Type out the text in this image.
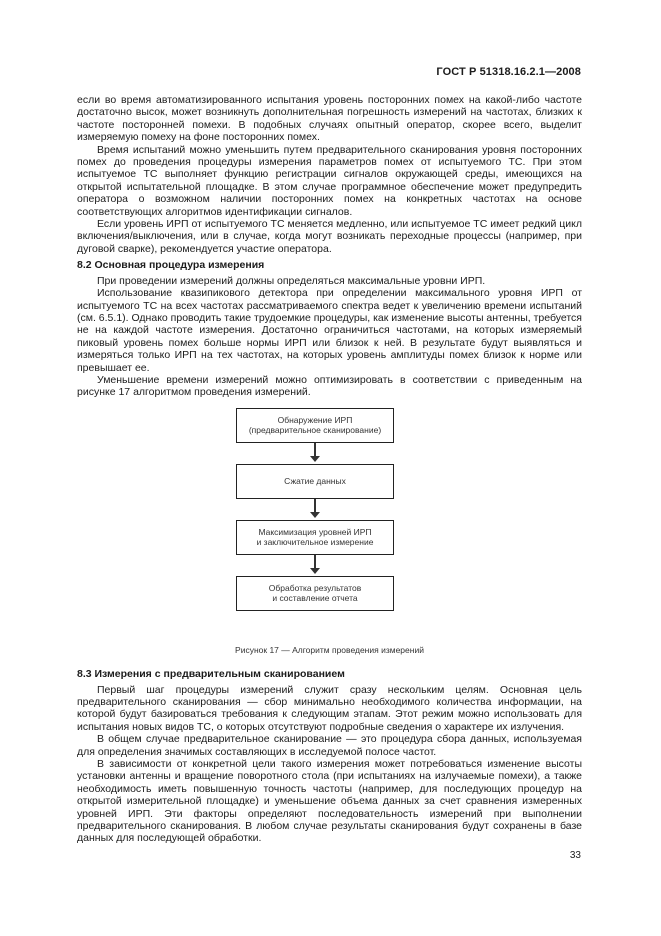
ГОСТ Р 51318.16.2.1—2008

если во время автоматизированного испытания уровень посторонних помех на какой-либо частоте достаточно высок, может возникнуть дополнительная погрешность измерений на частотах, близких к частоте посторонней помехи. В подобных случаях опытный оператор, скорее всего, выделит измеряемую помеху на фоне посторонних помех.

Время испытаний можно уменьшить путем предварительного сканирования уровня посторонних помех до проведения процедуры измерения параметров помех от испытуемого ТС. При этом испытуемое ТС выполняет функцию регистрации сигналов окружающей среды, имеющихся на открытой испытательной площадке. В этом случае программное обеспечение может предупредить оператора о возможном наличии посторонних помех на конкретных частотах на основе соответствующих алгоритмов идентификации сигналов.

Если уровень ИРП от испытуемого ТС меняется медленно, или испытуемое ТС имеет редкий цикл включения/выключения, или в случае, когда могут возникать переходные процессы (например, при дуговой сварке), рекомендуется участие оператора.

8.2 Основная процедура измерения

При проведении измерений должны определяться максимальные уровни ИРП.

Использование квазипикового детектора при определении максимального уровня ИРП от испытуемого ТС на всех частотах рассматриваемого спектра ведет к увеличению времени испытаний (см. 6.5.1). Однако проводить такие трудоемкие процедуры, как изменение высоты антенны, требуется не на каждой частоте измерения. Достаточно ограничиться частотами, на которых измеряемый пиковый уровень помех больше нормы ИРП или близок к ней. В результате будут выявляться и измеряться только ИРП на тех частотах, на которых уровень амплитуды помех близок к норме или превышает ее.

Уменьшение времени измерений можно оптимизировать в соответствии с приведенным на рисунке 17 алгоритмом проведения измерений.

Обнаружение ИРП
(предварительное сканирование)
Сжатие данных
Максимизация уровней ИРП
и заключительное измерение
Обработка результатов
и составление отчета
Рисунок 17 — Алгоритм проведения измерений
8.3 Измерения с предварительным сканированием

Первый шаг процедуры измерений служит сразу нескольким целям. Основная цель предварительного сканирования — сбор минимально необходимого количества информации, на которой будут базироваться требования к следующим этапам. Этот режим можно использовать для испытания новых видов ТС, о которых отсутствуют подробные сведения о характере их излучения.

В общем случае предварительное сканирование — это процедура сбора данных, используемая для определения значимых составляющих в исследуемой полосе частот.

В зависимости от конкретной цели такого измерения может потребоваться изменение высоты установки антенны и вращение поворотного стола (при испытаниях на излучаемые помехи), а также необходимость иметь повышенную точность частоты (например, для последующих процедур на открытой измерительной площадке) и уменьшение объема данных за счет сравнения измеренных уровней ИРП. Эти факторы определяют последовательность измерений при выполнении предварительного сканирования. В любом случае результаты сканирования будут сохранены в базе данных для последующей обработки.

33
